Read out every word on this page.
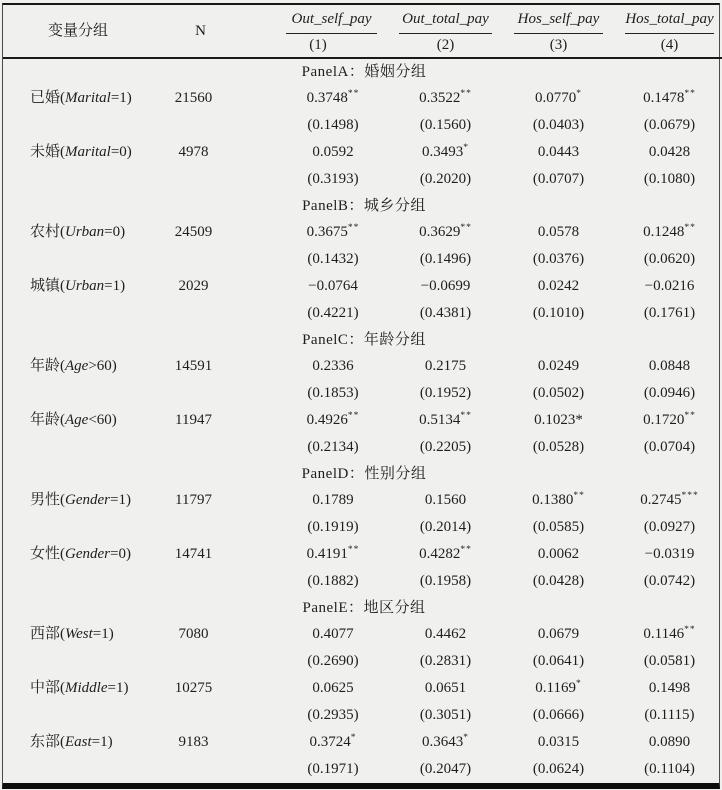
变量分组	N	Out_self_pay	Out_total_pay	Hos_self_pay	Hos_total_pay

		(1)	(2)	(3)	(4)
PanelA：婚姻分组					
已婚(Marital=1)	21560	0.3748**	0.3522**	0.0770*	0.1478**
		(0.1498)	(0.1560)	(0.0403)	(0.0679)
未婚(Marital=0)	4978	0.0592	0.3493*	0.0443	0.0428
		(0.3193)	(0.2020)	(0.0707)	(0.1080)
PanelB：城乡分组					
农村(Urban=0)	24509	0.3675**	0.3629**	0.0578	0.1248**
		(0.1432)	(0.1496)	(0.0376)	(0.0620)
城镇(Urban=1)	2029	−0.0764	−0.0699	0.0242	−0.0216
		(0.4221)	(0.4381)	(0.1010)	(0.1761)
PanelC：年龄分组					
年龄(Age>60)	14591	0.2336	0.2175	0.0249	0.0848
		(0.1853)	(0.1952)	(0.0502)	(0.0946)
年龄(Age<60)	11947	0.4926**	0.5134**	0.1023*	0.1720**
		(0.2134)	(0.2205)	(0.0528)	(0.0704)
PanelD：性别分组					
男性(Gender=1)	11797	0.1789	0.1560	0.1380**	0.2745***
		(0.1919)	(0.2014)	(0.0585)	(0.0927)
女性(Gender=0)	14741	0.4191**	0.4282**	0.0062	−0.0319
		(0.1882)	(0.1958)	(0.0428)	(0.0742)
PanelE：地区分组					
西部(West=1)	7080	0.4077	0.4462	0.0679	0.1146**
		(0.2690)	(0.2831)	(0.0641)	(0.0581)
中部(Middle=1)	10275	0.0625	0.0651	0.1169*	0.1498
		(0.2935)	(0.3051)	(0.0666)	(0.1115)
东部(East=1)	9183	0.3724*	0.3643*	0.0315	0.0890
		(0.1971)	(0.2047)	(0.0624)	(0.1104)
